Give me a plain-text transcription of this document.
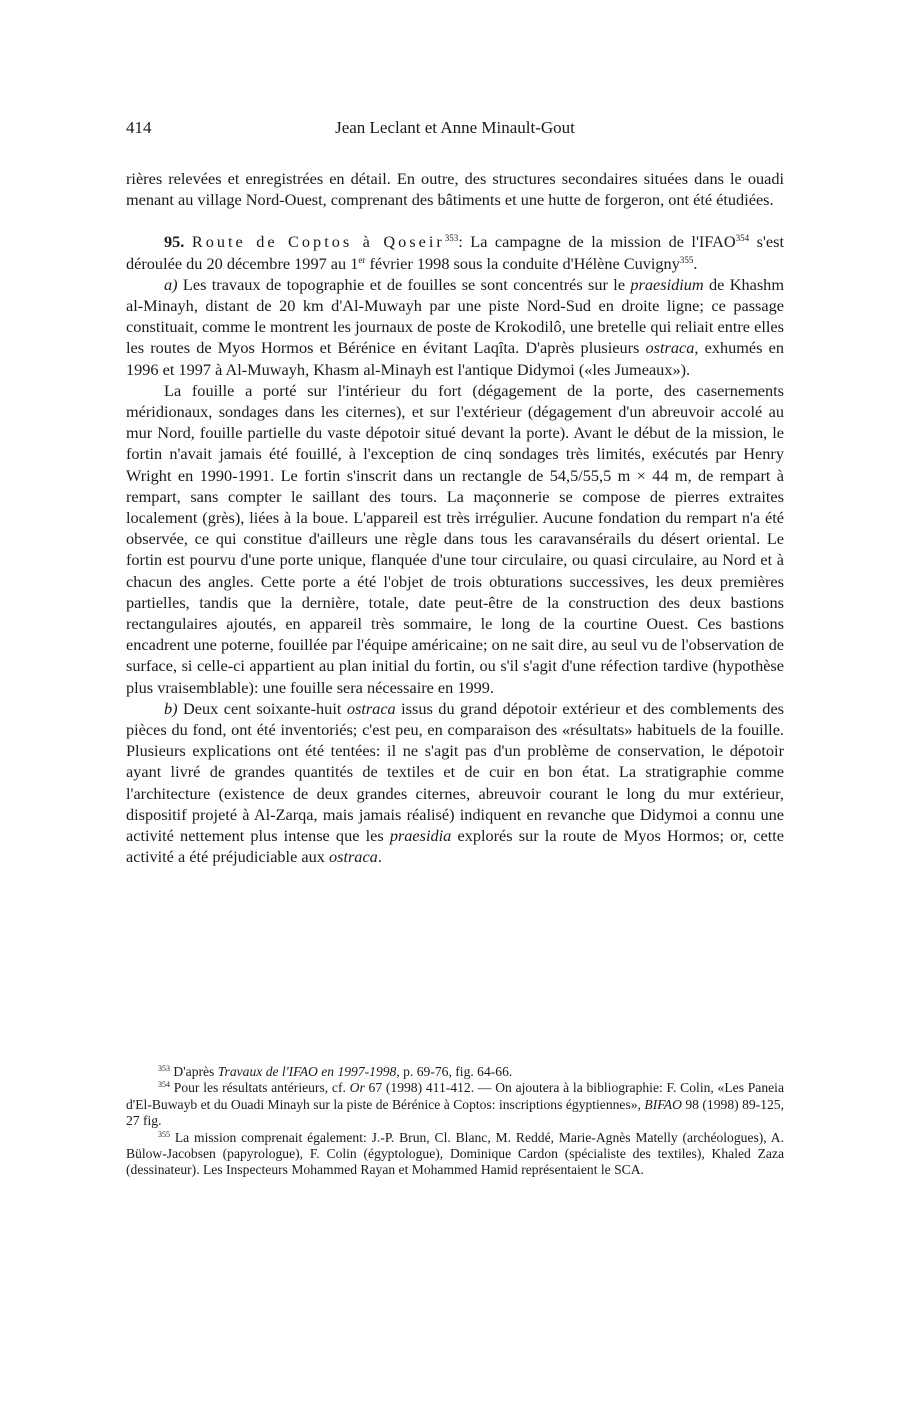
414	Jean Leclant et Anne Minault-Gout

rières relevées et enregistrées en détail. En outre, des structures secondaires situées dans le ouadi menant au village Nord-Ouest, comprenant des bâtiments et une hutte de forgeron, ont été étudiées.

95. Route de Coptos à Qoseir$^{353}$: La campagne de la mission de l'IFAO$^{354}$ s'est déroulée du 20 décembre 1997 au 1er février 1998 sous la conduite d'Hélène Cuvigny$^{355}$.

a) Les travaux de topographie et de fouilles se sont concentrés sur le praesidium de Khashm al-Minayh, distant de 20 km d'Al-Muwayh par une piste Nord-Sud en droite ligne; ce passage constituait, comme le montrent les journaux de poste de Krokodilô, une bretelle qui reliait entre elles les routes de Myos Hormos et Bérénice en évitant Laqîta. D'après plusieurs ostraca, exhumés en 1996 et 1997 à Al-Muwayh, Khasm al-Minayh est l'antique Didymoi («les Jumeaux»).

La fouille a porté sur l'intérieur du fort (dégagement de la porte, des casernements méridionaux, sondages dans les citernes), et sur l'extérieur (dégagement d'un abreuvoir accolé au mur Nord, fouille partielle du vaste dépotoir situé devant la porte). Avant le début de la mission, le fortin n'avait jamais été fouillé, à l'exception de cinq sondages très limités, exécutés par Henry Wright en 1990-1991. Le fortin s'inscrit dans un rectangle de 54,5/55,5 m × 44 m, de rempart à rempart, sans compter le saillant des tours. La maçonnerie se compose de pierres extraites localement (grès), liées à la boue. L'appareil est très irrégulier. Aucune fondation du rempart n'a été observée, ce qui constitue d'ailleurs une règle dans tous les caravansérails du désert oriental. Le fortin est pourvu d'une porte unique, flanquée d'une tour circulaire, ou quasi circulaire, au Nord et à chacun des angles. Cette porte a été l'objet de trois obturations successives, les deux premières partielles, tandis que la dernière, totale, date peut-être de la construction des deux bastions rectangulaires ajoutés, en appareil très sommaire, le long de la courtine Ouest. Ces bastions encadrent une poterne, fouillée par l'équipe américaine; on ne sait dire, au seul vu de l'observation de surface, si celle-ci appartient au plan initial du fortin, ou s'il s'agit d'une réfection tardive (hypothèse plus vraisemblable): une fouille sera nécessaire en 1999.

b) Deux cent soixante-huit ostraca issus du grand dépotoir extérieur et des comblements des pièces du fond, ont été inventoriés; c'est peu, en comparaison des «résultats» habituels de la fouille. Plusieurs explications ont été tentées: il ne s'agit pas d'un problème de conservation, le dépotoir ayant livré de grandes quantités de textiles et de cuir en bon état. La stratigraphie comme l'architecture (existence de deux grandes citernes, abreuvoir courant le long du mur extérieur, dispositif projeté à Al-Zarqa, mais jamais réalisé) indiquent en revanche que Didymoi a connu une activité nettement plus intense que les praesidia explorés sur la route de Myos Hormos; or, cette activité a été préjudiciable aux ostraca.

$^{353}$ D'après Travaux de l'IFAO en 1997-1998, p. 69-76, fig. 64-66.

$^{354}$ Pour les résultats antérieurs, cf. Or 67 (1998) 411-412. — On ajoutera à la bibliographie: F. Colin, «Les Paneia d'El-Buwayb et du Ouadi Minayh sur la piste de Bérénice à Coptos: inscriptions égyptiennes», BIFAO 98 (1998) 89-125, 27 fig.

$^{355}$ La mission comprenait également: J.-P. Brun, Cl. Blanc, M. Reddé, Marie-Agnès Matelly (archéologues), A. Bülow-Jacobsen (papyrologue), F. Colin (égyptologue), Dominique Cardon (spécialiste des textiles), Khaled Zaza (dessinateur). Les Inspecteurs Mohammed Rayan et Mohammed Hamid représentaient le SCA.
